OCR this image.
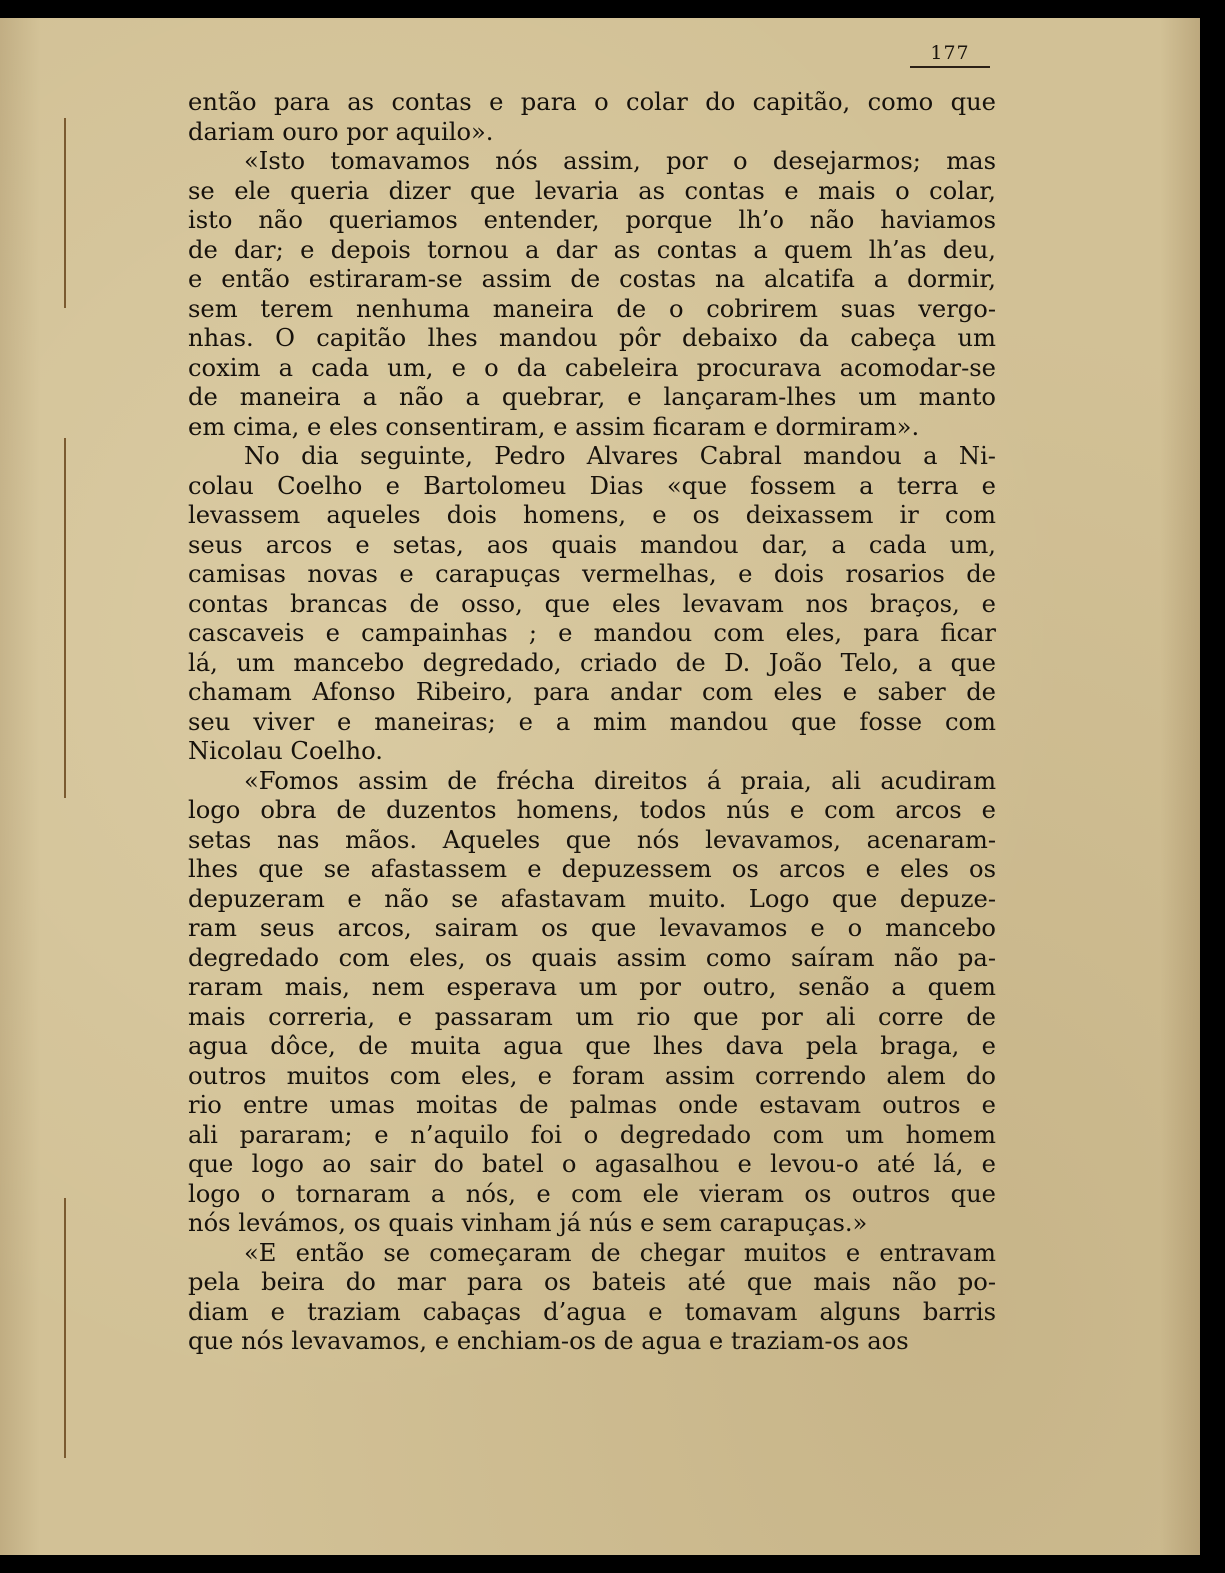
177
então para as contas e para o colar do capitão, como que
dariam ouro por aquilo».
«Isto tomavamos nós assim, por o desejarmos; mas
se ele queria dizer que levaria as contas e mais o colar,
isto não queriamos entender, porque lh’o não haviamos
de dar; e depois tornou a dar as contas a quem lh’as deu,
e então estiraram-se assim de costas na alcatifa a dormir,
sem terem nenhuma maneira de o cobrirem suas vergo-
nhas. O capitão lhes mandou pôr debaixo da cabeça um
coxim a cada um, e o da cabeleira procurava acomodar-se
de maneira a não a quebrar, e lançaram-lhes um manto
em cima, e eles consentiram, e assim ficaram e dormiram».
No dia seguinte, Pedro Alvares Cabral mandou a Ni-
colau Coelho e Bartolomeu Dias «que fossem a terra e
levassem aqueles dois homens, e os deixassem ir com
seus arcos e setas, aos quais mandou dar, a cada um,
camisas novas e carapuças vermelhas, e dois rosarios de
contas brancas de osso, que eles levavam nos braços, e
cascaveis e campainhas ; e mandou com eles, para ficar
lá, um mancebo degredado, criado de D. João Telo, a que
chamam Afonso Ribeiro, para andar com eles e saber de
seu viver e maneiras; e a mim mandou que fosse com
Nicolau Coelho.
«Fomos assim de frécha direitos á praia, ali acudiram
logo obra de duzentos homens, todos nús e com arcos e
setas nas mãos. Aqueles que nós levavamos, acenaram-
lhes que se afastassem e depuzessem os arcos e eles os
depuzeram e não se afastavam muito. Logo que depuze-
ram seus arcos, sairam os que levavamos e o mancebo
degredado com eles, os quais assim como saíram não pa-
raram mais, nem esperava um por outro, senão a quem
mais correria, e passaram um rio que por ali corre de
agua dôce, de muita agua que lhes dava pela braga, e
outros muitos com eles, e foram assim correndo alem do
rio entre umas moitas de palmas onde estavam outros e
ali pararam; e n’aquilo foi o degredado com um homem
que logo ao sair do batel o agasalhou e levou-o até lá, e
logo o tornaram a nós, e com ele vieram os outros que
nós levámos, os quais vinham já nús e sem carapuças.»
«E então se começaram de chegar muitos e entravam
pela beira do mar para os bateis até que mais não po-
diam e traziam cabaças d’agua e tomavam alguns barris
que nós levavamos, e enchiam-os de agua e traziam-os aos
